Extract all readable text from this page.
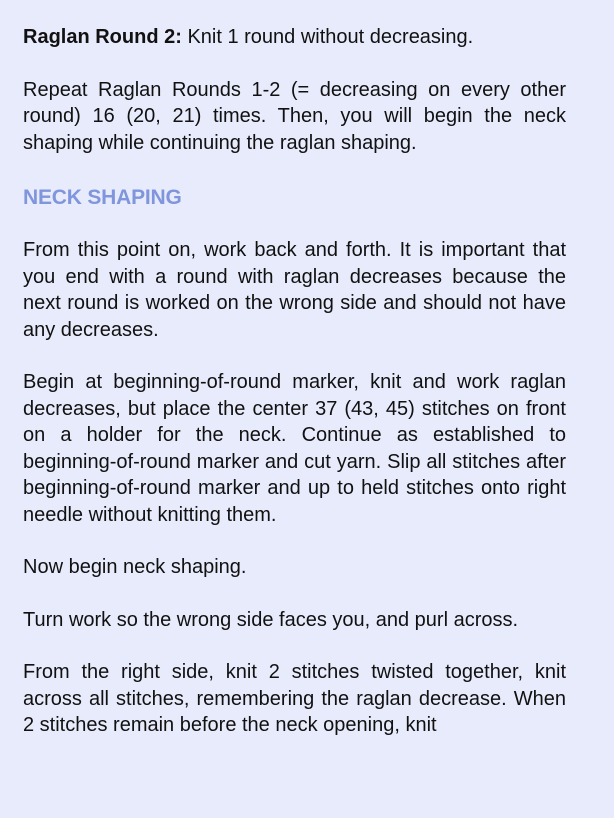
Raglan Round 2: Knit 1 round without decreasing.

Repeat Raglan Rounds 1-2 (= decreasing on every other round) 16 (20, 21) times. Then, you will begin the neck shaping while continuing the raglan shaping.

NECK SHAPING

From this point on, work back and forth. It is important that you end with a round with raglan decreases because the next round is worked on the wrong side and should not have any decreases.

Begin at beginning-of-round marker, knit and work raglan decreases, but place the center 37 (43, 45) stitches on front on a holder for the neck. Continue as established to beginning-of-round marker and cut yarn. Slip all stitches after beginning-of-round marker and up to held stitches onto right needle without knitting them.

Now begin neck shaping.

Turn work so the wrong side faces you, and purl across.

From the right side, knit 2 stitches twisted together, knit across all stitches, remembering the raglan decrease. When 2 stitches remain before the neck opening, knit
